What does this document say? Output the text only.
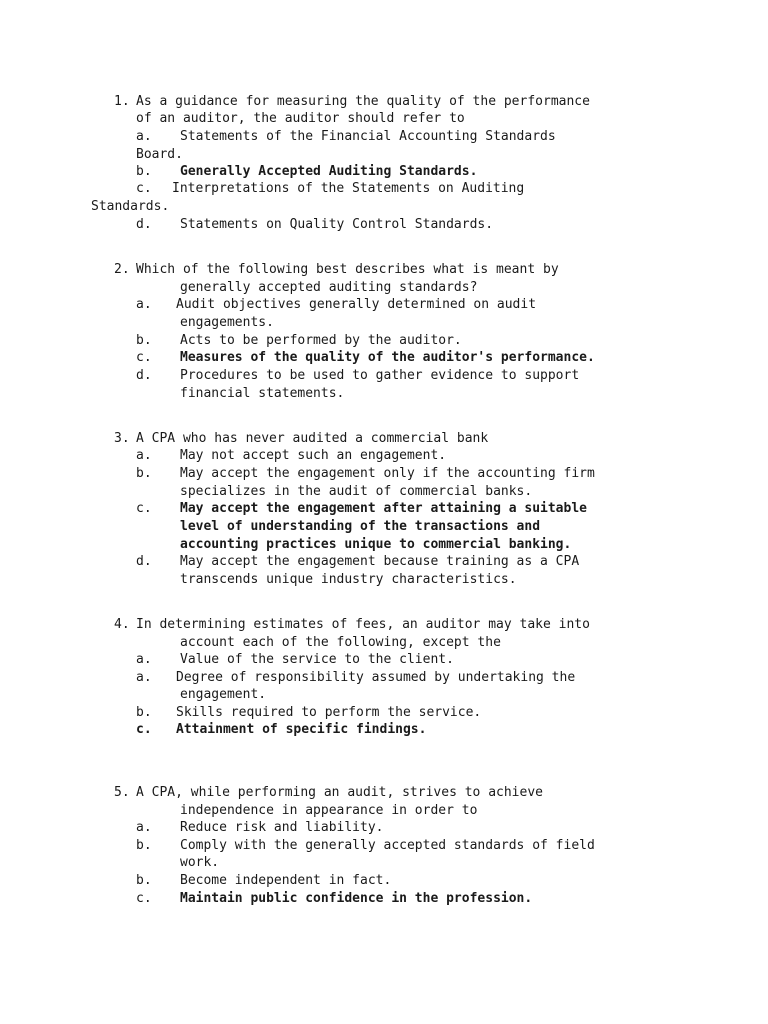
1. As a guidance for measuring the quality of the performance
of an auditor, the auditor should refer to
a. Statements of the Financial Accounting Standards
Board.
b. Generally Accepted Auditing Standards.
c. Interpretations of the Statements on Auditing
Standards.
d. Statements on Quality Control Standards.
2. Which of the following best describes what is meant by
generally accepted auditing standards?
a. Audit objectives generally determined on audit
engagements.
b. Acts to be performed by the auditor.
c. Measures of the quality of the auditor's performance.
d. Procedures to be used to gather evidence to support
financial statements.
3. A CPA who has never audited a commercial bank
a. May not accept such an engagement.
b. May accept the engagement only if the accounting firm
specializes in the audit of commercial banks.
c. May accept the engagement after attaining a suitable
level of understanding of the transactions and
accounting practices unique to commercial banking.
d. May accept the engagement because training as a CPA
transcends unique industry characteristics.
4. In determining estimates of fees, an auditor may take into
account each of the following, except the
a. Value of the service to the client.
a. Degree of responsibility assumed by undertaking the
engagement.
b. Skills required to perform the service.
c. Attainment of specific findings.
5. A CPA, while performing an audit, strives to achieve
independence in appearance in order to
a. Reduce risk and liability.
b. Comply with the generally accepted standards of field
work.
b. Become independent in fact.
c. Maintain public confidence in the profession.
